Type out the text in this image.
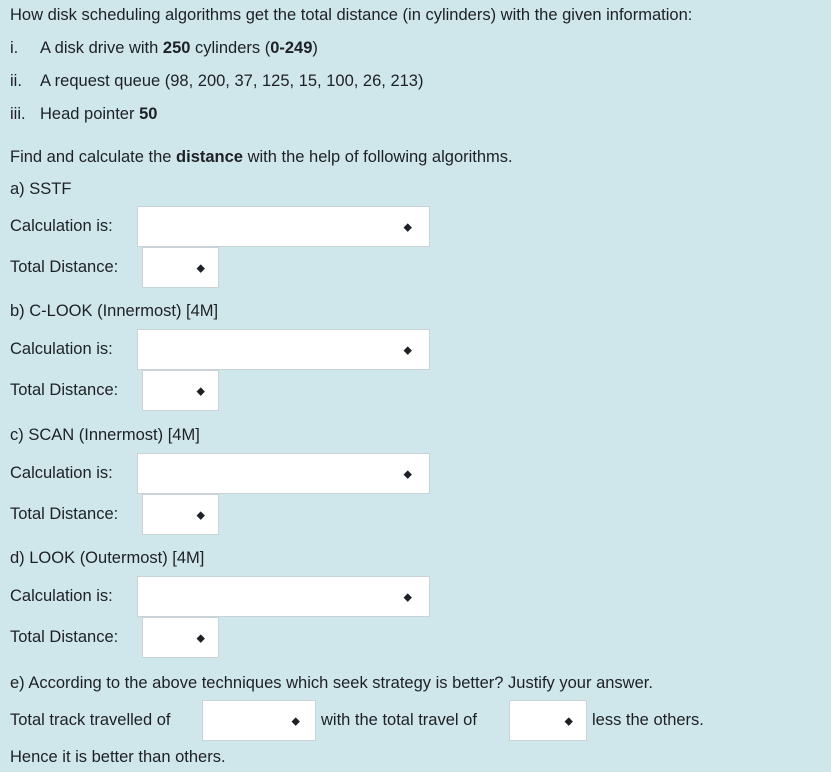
How disk scheduling algorithms get the total distance (in cylinders) with the given information:
i. A disk drive with 250 cylinders (0-249)
ii. A request queue (98, 200, 37, 125, 15, 100, 26, 213)
iii. Head pointer 50
Find and calculate the distance with the help of following algorithms.
a) SSTF
Calculation is:	◆
Total Distance:	◆
b) C-LOOK (Innermost) [4M]
Calculation is:	◆
Total Distance:	◆
c) SCAN (Innermost) [4M]
Calculation is:	◆
Total Distance:	◆
d) LOOK (Outermost) [4M]
Calculation is:	◆
Total Distance:	◆
e) According to the above techniques which seek strategy is better? Justify your answer.
Total track travelled of	◆ with the total travel of	◆ less the others.
Hence it is better than others.
